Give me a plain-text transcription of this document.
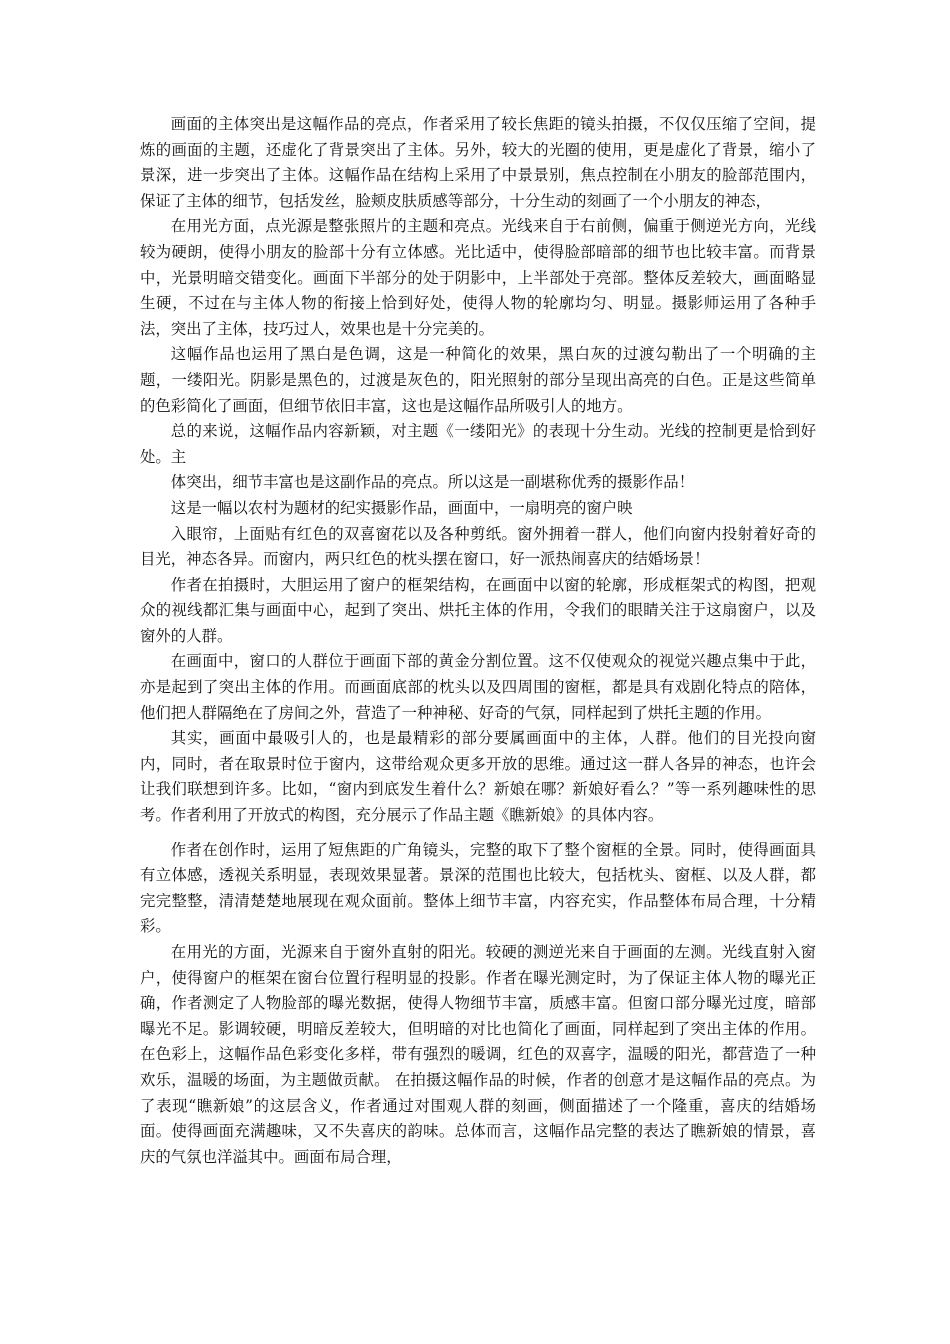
画面的主体突出是这幅作品的亮点，作者采用了较长焦距的镜头拍摄，不仅仅压缩了空间，提炼的画面的主题，还虚化了背景突出了主体。另外，较大的光圈的使用，更是虚化了背景，缩小了景深，进一步突出了主体。这幅作品在结构上采用了中景景别，焦点控制在小朋友的脸部范围内，保证了主体的细节，包括发丝，脸颊皮肤质感等部分，十分生动的刻画了一个小朋友的神态，

在用光方面，点光源是整张照片的主题和亮点。光线来自于右前侧，偏重于侧逆光方向，光线较为硬朗，使得小朋友的脸部十分有立体感。光比适中，使得脸部暗部的细节也比较丰富。而背景中，光景明暗交错变化。画面下半部分的处于阴影中，上半部处于亮部。整体反差较大，画面略显生硬，不过在与主体人物的衔接上恰到好处，使得人物的轮廓均匀、明显。摄影师运用了各种手法，突出了主体，技巧过人，效果也是十分完美的。

这幅作品也运用了黑白是色调，这是一种简化的效果，黑白灰的过渡勾勒出了一个明确的主题，一缕阳光。阴影是黑色的，过渡是灰色的，阳光照射的部分呈现出高亮的白色。正是这些简单的色彩简化了画面，但细节依旧丰富，这也是这幅作品所吸引人的地方。

总的来说，这幅作品内容新颖，对主题《一缕阳光》的表现十分生动。光线的控制更是恰到好处。主

体突出，细节丰富也是这副作品的亮点。所以这是一副堪称优秀的摄影作品！

这是一幅以农村为题材的纪实摄影作品，画面中，一扇明亮的窗户映

入眼帘，上面贴有红色的双喜窗花以及各种剪纸。窗外拥着一群人，他们向窗内投射着好奇的目光，神态各异。而窗内，两只红色的枕头摆在窗口，好一派热闹喜庆的结婚场景！

作者在拍摄时，大胆运用了窗户的框架结构，在画面中以窗的轮廓，形成框架式的构图，把观众的视线都汇集与画面中心，起到了突出、烘托主体的作用，令我们的眼睛关注于这扇窗户，以及窗外的人群。

在画面中，窗口的人群位于画面下部的黄金分割位置。这不仅使观众的视觉兴趣点集中于此，亦是起到了突出主体的作用。而画面底部的枕头以及四周围的窗框，都是具有戏剧化特点的陪体，他们把人群隔绝在了房间之外，营造了一种神秘、好奇的气氛，同样起到了烘托主题的作用。

其实，画面中最吸引人的，也是最精彩的部分要属画面中的主体，人群。他们的目光投向窗内，同时，者在取景时位于窗内，这带给观众更多开放的思维。通过这一群人各异的神态，也许会让我们联想到许多。比如，“窗内到底发生着什么？新娘在哪？新娘好看么？”等一系列趣味性的思考。作者利用了开放式的构图，充分展示了作品主题《瞧新娘》的具体内容。

作者在创作时，运用了短焦距的广角镜头，完整的取下了整个窗框的全景。同时，使得画面具有立体感，透视关系明显，表现效果显著。景深的范围也比较大，包括枕头、窗框、以及人群，都完完整整，清清楚楚地展现在观众面前。整体上细节丰富，内容充实，作品整体布局合理，十分精彩。

在用光的方面，光源来自于窗外直射的阳光。较硬的测逆光来自于画面的左测。光线直射入窗户，使得窗户的框架在窗台位置行程明显的投影。作者在曝光测定时，为了保证主体人物的曝光正确，作者测定了人物脸部的曝光数据，使得人物细节丰富，质感丰富。但窗口部分曝光过度，暗部曝光不足。影调较硬，明暗反差较大，但明暗的对比也简化了画面，同样起到了突出主体的作用。在色彩上，这幅作品色彩变化多样，带有强烈的暖调，红色的双喜字，温暖的阳光，都营造了一种欢乐，温暖的场面，为主题做贡献。 在拍摄这幅作品的时候，作者的创意才是这幅作品的亮点。为了表现“瞧新娘”的这层含义，作者通过对围观人群的刻画，侧面描述了一个隆重，喜庆的结婚场面。使得画面充满趣味，又不失喜庆的韵味。总体而言，这幅作品完整的表达了瞧新娘的情景，喜庆的气氛也洋溢其中。画面布局合理，
